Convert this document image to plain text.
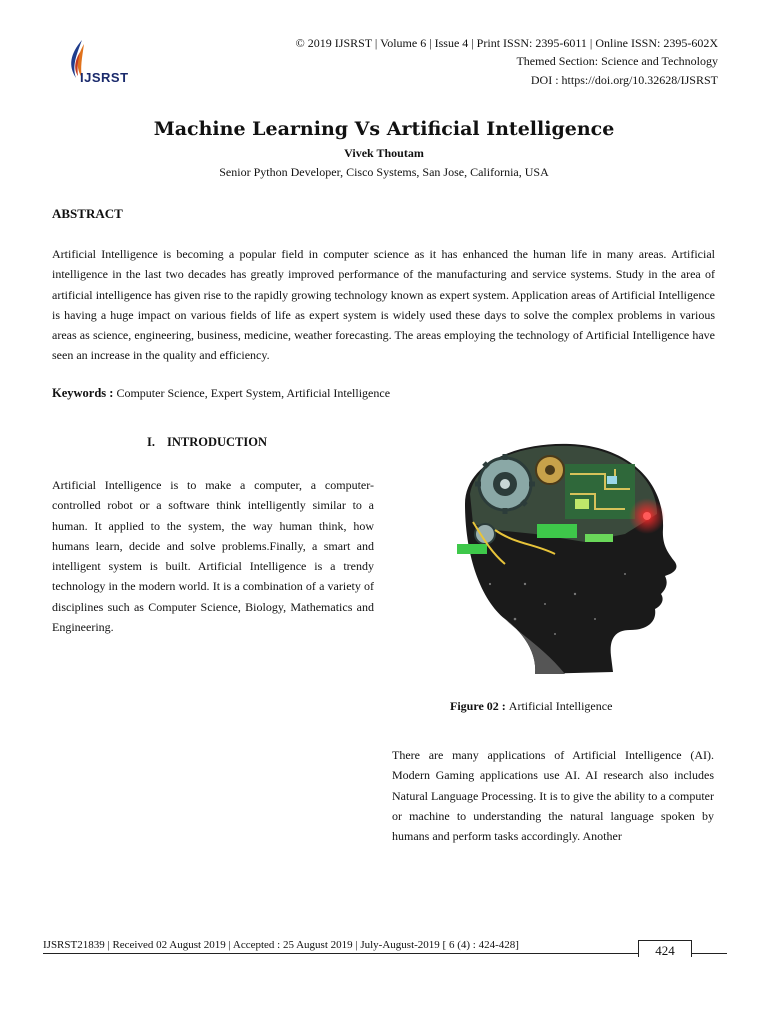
IJSRST
© 2019 IJSRST | Volume 6 | Issue 4 | Print ISSN: 2395-6011 | Online ISSN: 2395-602X
Themed Section: Science and Technology
DOI : https://doi.org/10.32628/IJSRST
Machine Learning Vs Artificial Intelligence
Vivek Thoutam
Senior Python Developer, Cisco Systems, San Jose, California, USA
ABSTRACT
Artificial Intelligence is becoming a popular field in computer science as it has enhanced the human life in many areas. Artificial intelligence in the last two decades has greatly improved performance of the manufacturing and service systems. Study in the area of artificial intelligence has given rise to the rapidly growing technology known as expert system. Application areas of Artificial Intelligence is having a huge impact on various fields of life as expert system is widely used these days to solve the complex problems in various areas as science, engineering, business, medicine, weather forecasting. The areas employing the technology of Artificial Intelligence have seen an increase in the quality and efficiency.
Keywords : Computer Science, Expert System, Artificial Intelligence
I. INTRODUCTION
Artificial Intelligence is to make a computer, a computer-controlled robot or a software think intelligently similar to a human. It applied to the system, the way human think, how humans learn, decide and solve problems.Finally, a smart and intelligent system is built. Artificial Intelligence is a trendy technology in the modern world. It is a combination of a variety of disciplines such as Computer Science, Biology, Mathematics and Engineering.
Figure 02 : Artificial Intelligence
There are many applications of Artificial Intelligence (AI). Modern Gaming applications use AI. AI research also includes Natural Language Processing. It is to give the ability to a computer or machine to understanding the natural language spoken by humans and perform tasks accordingly. Another
IJSRST21839 | Received 02 August 2019 | Accepted : 25 August 2019 | July-August-2019 [ 6 (4) : 424-428]	424
